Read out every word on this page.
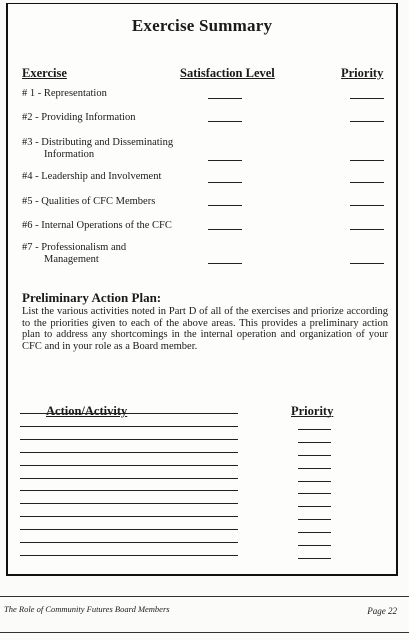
Exercise Summary
Exercise	Satisfaction Level	Priority
# 1 - Representation
#2 - Providing Information
#3 - Distributing and Disseminating
Information
#4 - Leadership and Involvement
#5 - Qualities of CFC Members
#6 - Internal Operations of the CFC
#7 - Professionalism and
Management
Preliminary Action Plan:
List the various activities noted in Part D of all of the exercises and priorize according to the priorities given to each of the above areas. This provides a preliminary action plan to address any shortcomings in the internal operation and organization of your CFC and in your role as a Board member.
Action/Activity	Priority
The Role of Community Futures Board Members	Page 22
